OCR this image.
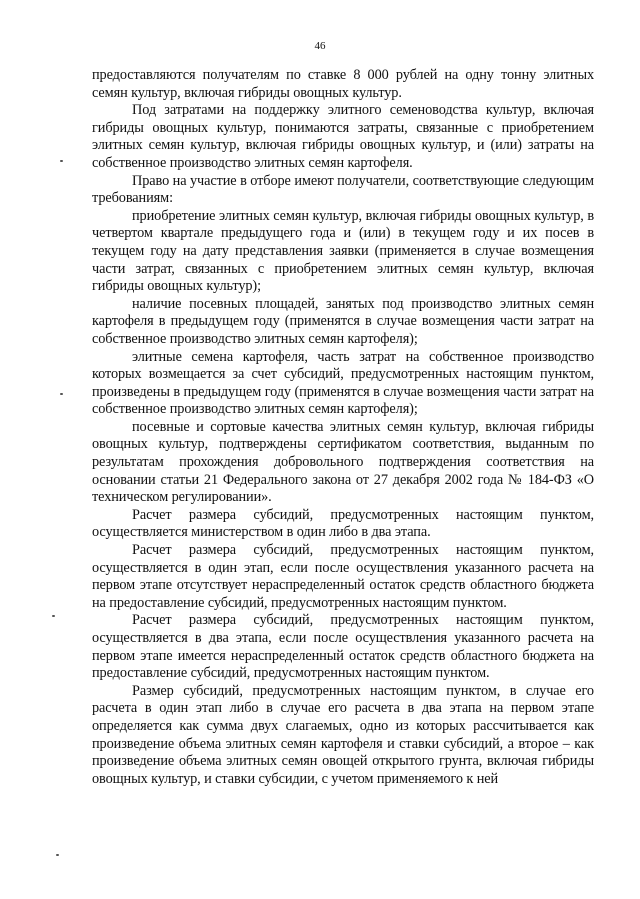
46

предоставляются получателям по ставке 8 000 рублей на одну тонну элитных семян культур, включая гибриды овощных культур.

Под затратами на поддержку элитного семеноводства культур, включая гибриды овощных культур, понимаются затраты, связанные с приобретением элитных семян культур, включая гибриды овощных культур, и (или) затраты на собственное производство элитных семян картофеля.

Право на участие в отборе имеют получатели, соответствующие следующим требованиям:

приобретение элитных семян культур, включая гибриды овощных культур, в четвертом квартале предыдущего года и (или) в текущем году и их посев в текущем году на дату представления заявки (применяется в случае возмещения части затрат, связанных с приобретением элитных семян культур, включая гибриды овощных культур);

наличие посевных площадей, занятых под производство элитных семян картофеля в предыдущем году (применятся в случае возмещения части затрат на собственное производство элитных семян картофеля);

элитные семена картофеля, часть затрат на собственное производство которых возмещается за счет субсидий, предусмотренных настоящим пунктом, произведены в предыдущем году (применятся в случае возмещения части затрат на собственное производство элитных семян картофеля);

посевные и сортовые качества элитных семян культур, включая гибриды овощных культур, подтверждены сертификатом соответствия, выданным по результатам прохождения добровольного подтверждения соответствия на основании статьи 21 Федерального закона от 27 декабря 2002 года № 184-ФЗ «О техническом регулировании».

Расчет размера субсидий, предусмотренных настоящим пунктом, осуществляется министерством в один либо в два этапа.

Расчет размера субсидий, предусмотренных настоящим пунктом, осуществляется в один этап, если после осуществления указанного расчета на первом этапе отсутствует нераспределенный остаток средств областного бюджета на предоставление субсидий, предусмотренных настоящим пунктом.

Расчет размера субсидий, предусмотренных настоящим пунктом, осуществляется в два этапа, если после осуществления указанного расчета на первом этапе имеется нераспределенный остаток средств областного бюджета на предоставление субсидий, предусмотренных настоящим пунктом.

Размер субсидий, предусмотренных настоящим пунктом, в случае его расчета в один этап либо в случае его расчета в два этапа на первом этапе определяется как сумма двух слагаемых, одно из которых рассчитывается как произведение объема элитных семян картофеля и ставки субсидий, а второе – как произведение объема элитных семян овощей открытого грунта, включая гибриды овощных культур, и ставки субсидии, с учетом применяемого к ней
